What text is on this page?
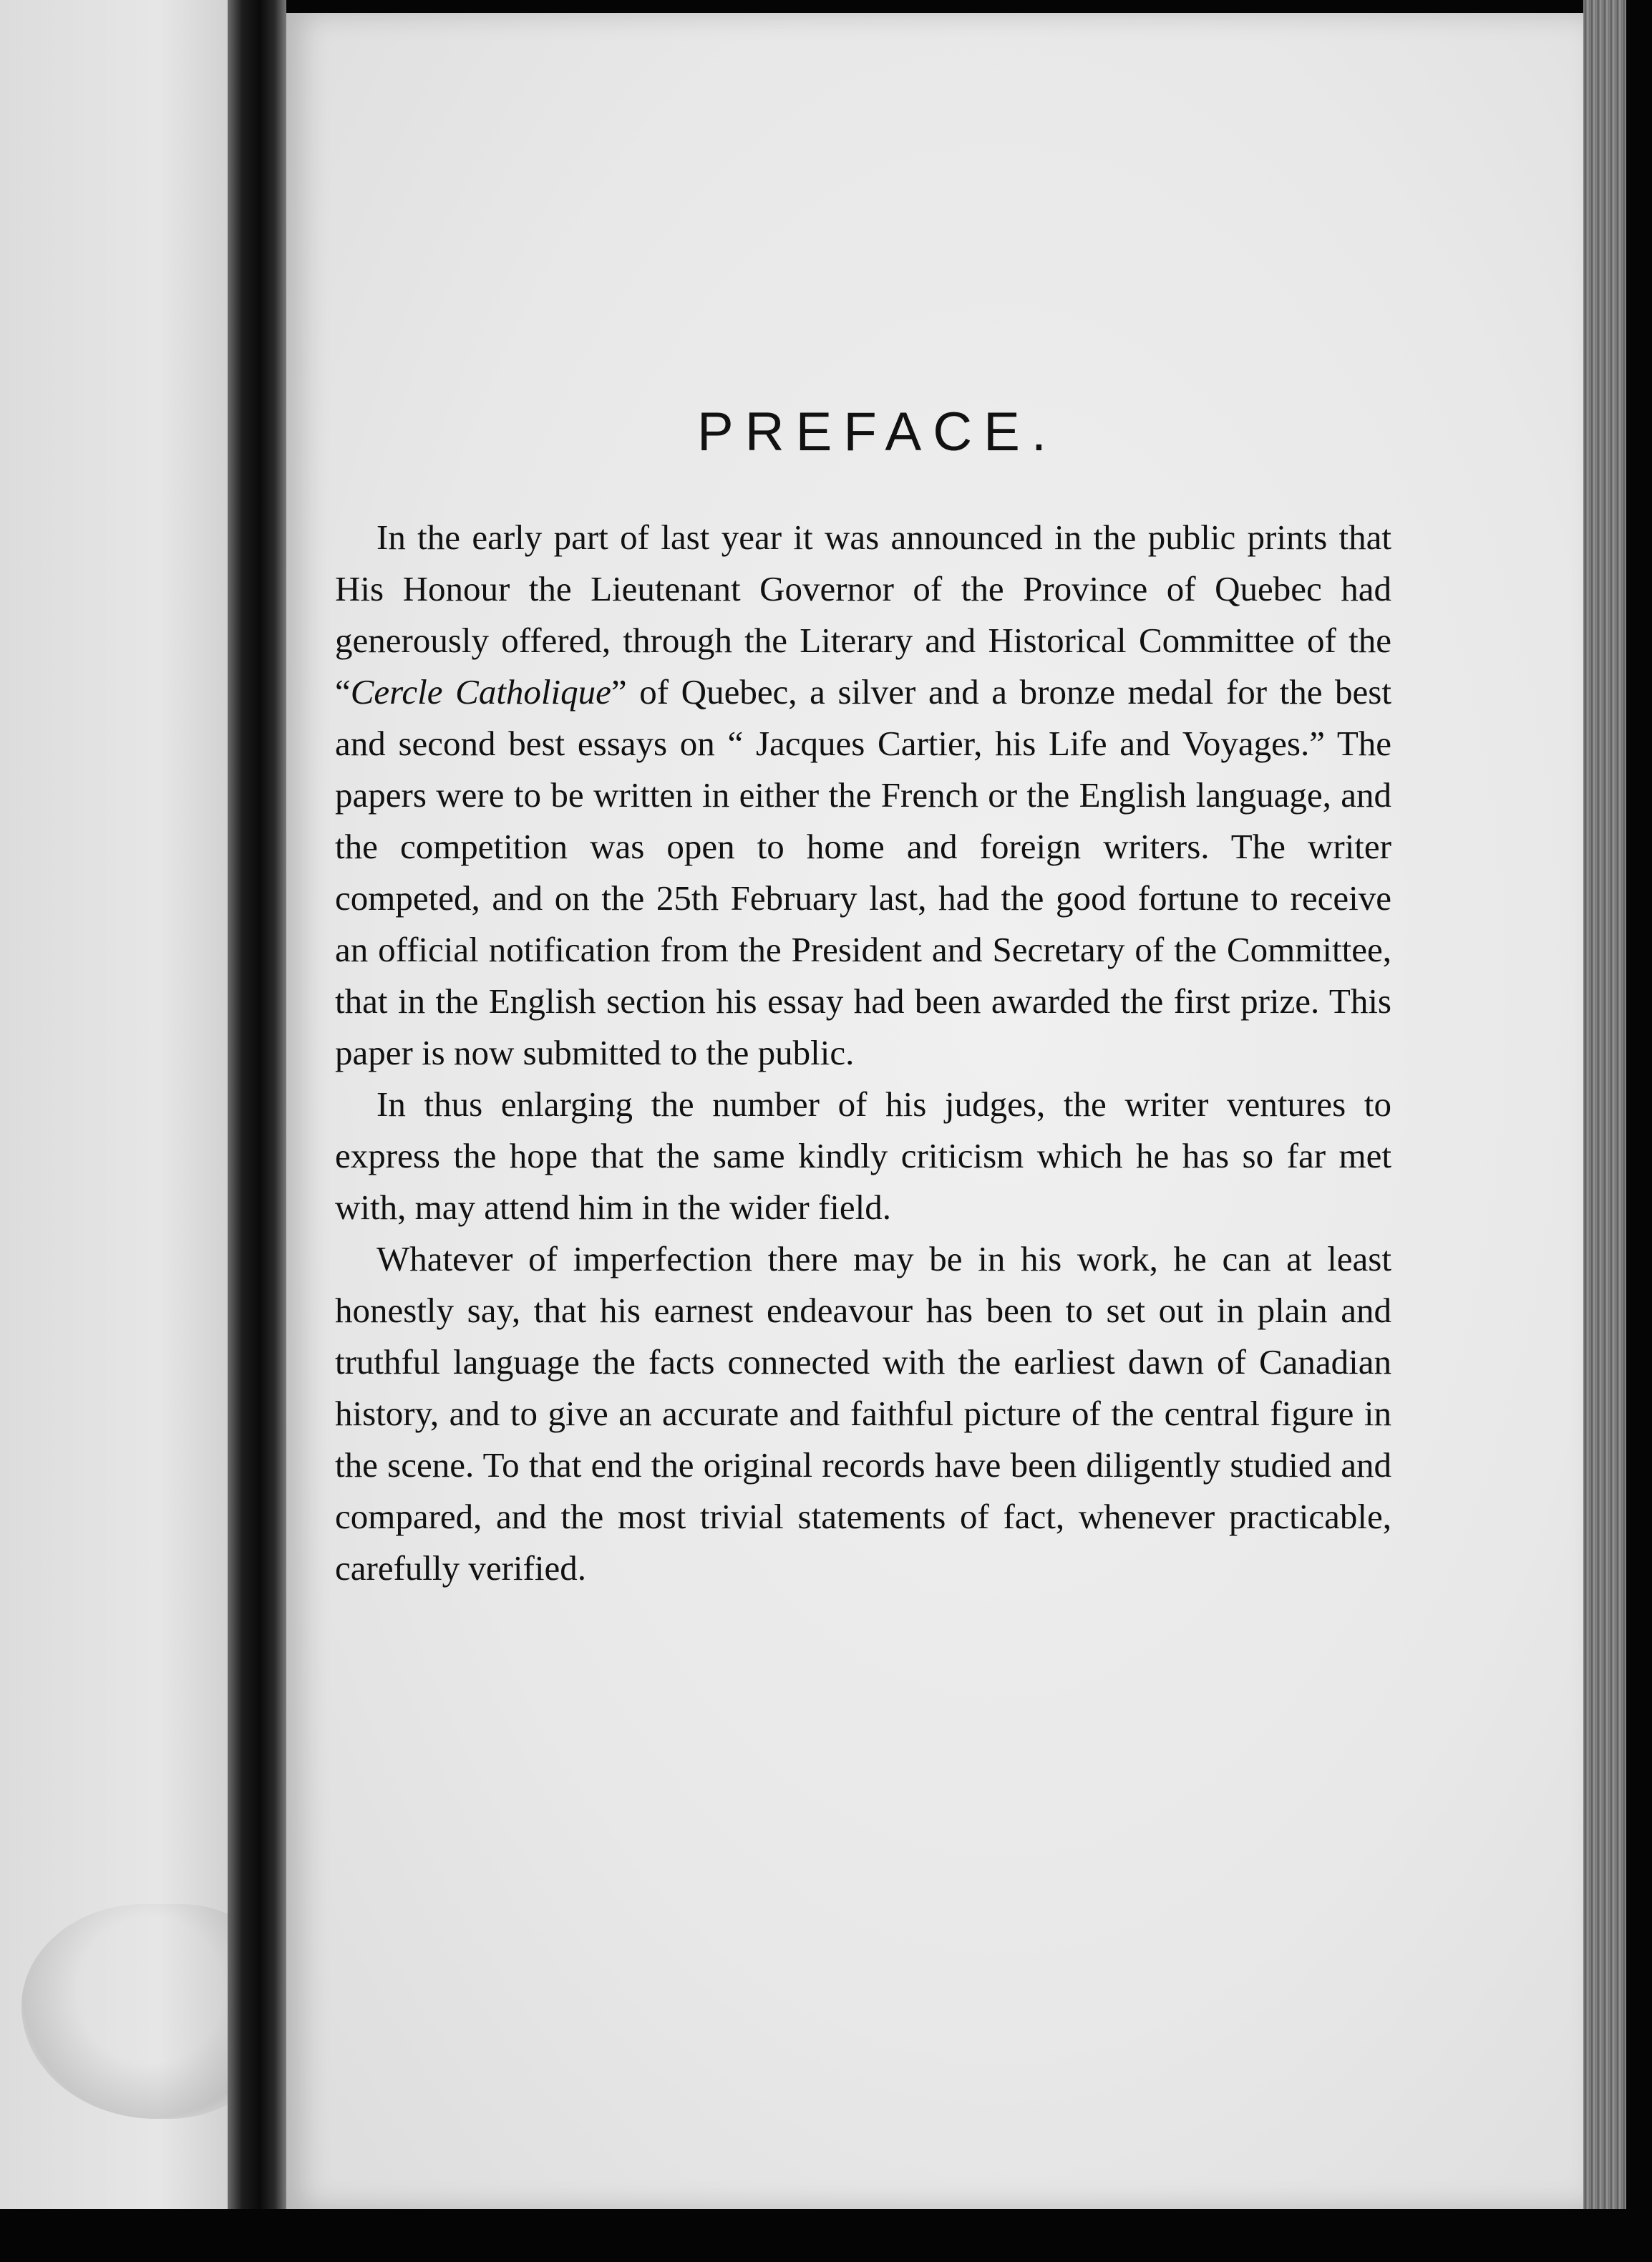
PREFACE.

In the early part of last year it was announced in the public prints that His Honour the Lieutenant Governor of the Province of Quebec had generously offered, through the Literary and Historical Committee of the “Cercle Catholique” of Quebec, a silver and a bronze medal for the best and second best essays on “ Jacques Cartier, his Life and Voyages.” The papers were to be written in either the French or the English language, and the competition was open to home and foreign writers. The writer competed, and on the 25th February last, had the good fortune to receive an official notification from the President and Secretary of the Committee, that in the English section his essay had been awarded the first prize. This paper is now submitted to the public.

In thus enlarging the number of his judges, the writer ventures to express the hope that the same kindly criticism which he has so far met with, may attend him in the wider field.

Whatever of imperfection there may be in his work, he can at least honestly say, that his earnest endeavour has been to set out in plain and truthful language the facts connected with the earliest dawn of Canadian history, and to give an accurate and faithful picture of the central figure in the scene. To that end the original records have been diligently studied and compared, and the most trivial statements of fact, whenever practicable, carefully verified.
